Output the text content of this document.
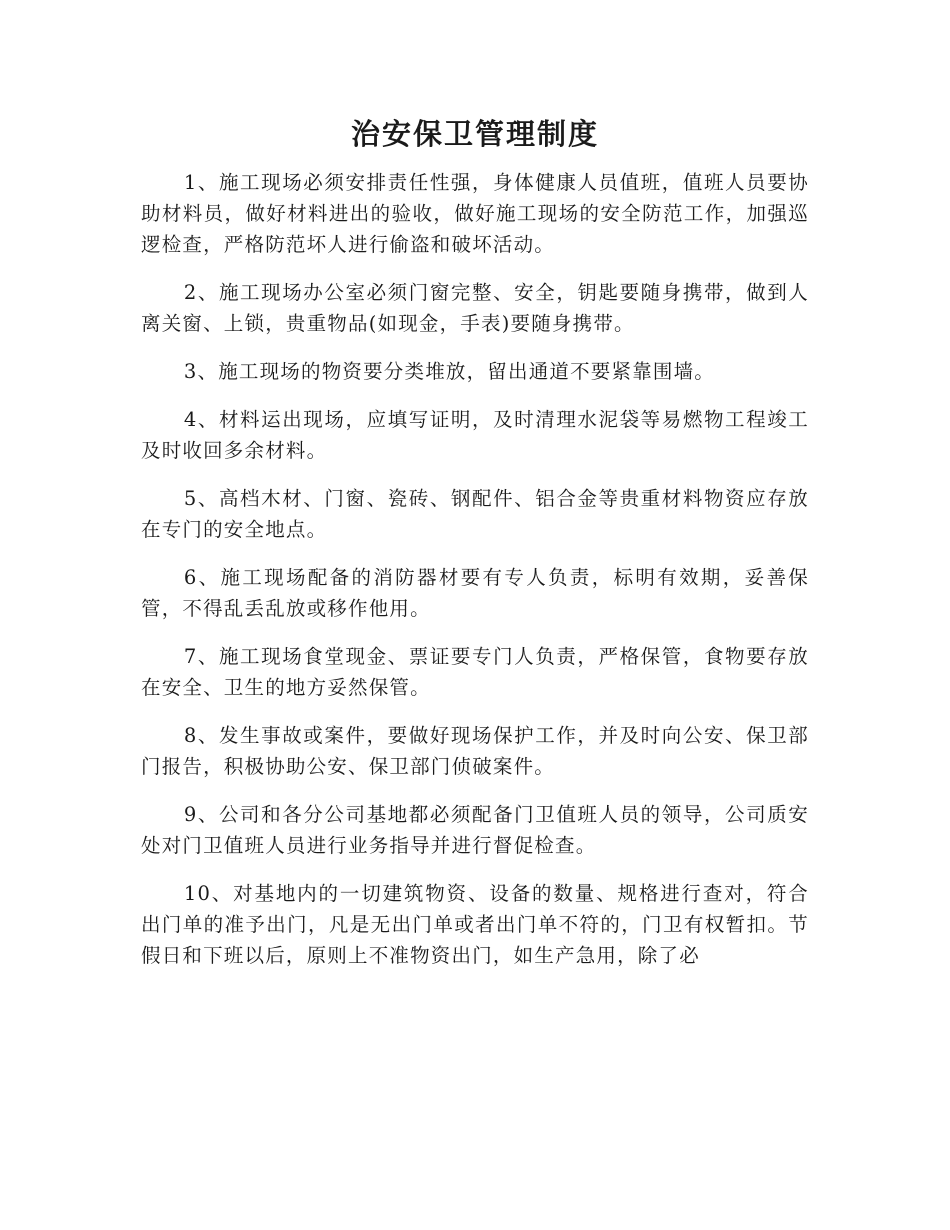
治安保卫管理制度

1、施工现场必须安排责任性强，身体健康人员值班，值班人员要协助材料员，做好材料进出的验收，做好施工现场的安全防范工作，加强巡逻检查，严格防范坏人进行偷盗和破坏活动。

2、施工现场办公室必须门窗完整、安全，钥匙要随身携带，做到人离关窗、上锁，贵重物品(如现金，手表)要随身携带。

3、施工现场的物资要分类堆放，留出通道不要紧靠围墙。

4、材料运出现场，应填写证明，及时清理水泥袋等易燃物工程竣工及时收回多余材料。

5、高档木材、门窗、瓷砖、钢配件、铝合金等贵重材料物资应存放在专门的安全地点。

6、施工现场配备的消防器材要有专人负责，标明有效期，妥善保管，不得乱丢乱放或移作他用。

7、施工现场食堂现金、票证要专门人负责，严格保管，食物要存放在安全、卫生的地方妥然保管。

8、发生事故或案件，要做好现场保护工作，并及时向公安、保卫部门报告，积极协助公安、保卫部门侦破案件。

9、公司和各分公司基地都必须配备门卫值班人员的领导，公司质安处对门卫值班人员进行业务指导并进行督促检查。

10、对基地内的一切建筑物资、设备的数量、规格进行查对，符合出门单的准予出门，凡是无出门单或者出门单不符的，门卫有权暂扣。节假日和下班以后，原则上不准物资出门，如生产急用，除了必
